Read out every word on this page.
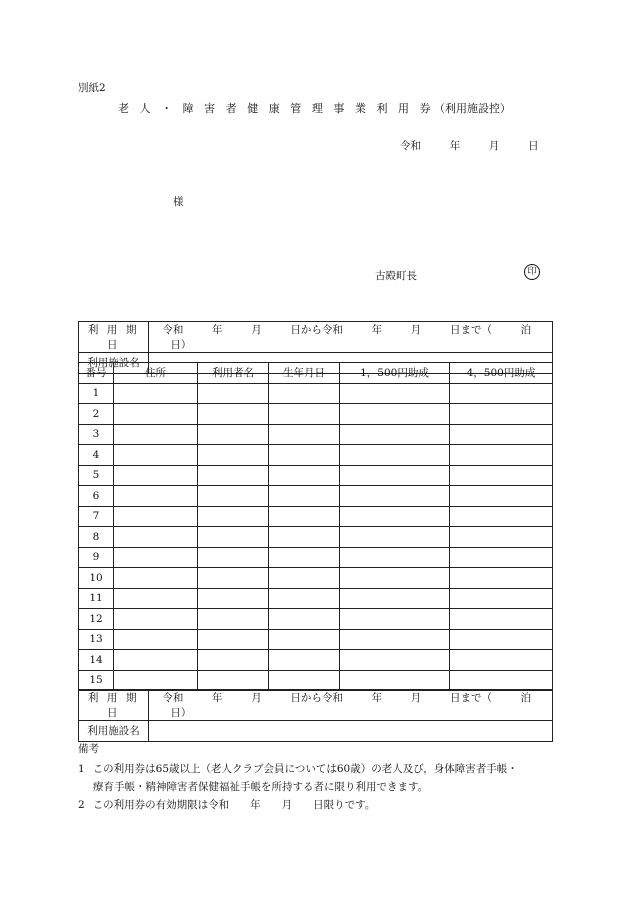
別紙2
老 人 ・ 障 害 者 健 康 管 理 事 業 利 用 券（利用施設控）
令和	年	月	日
様
古殿町長	印
利 用 期 日	令和 年 月 日から令和 年 月 日まで（ 泊  日）
利用施設名	
番号	住所	利用者名	生年月日	1，500円助成	4，500円助成
1					
2					
3					
4					
5					
6					
7					
8					
9					
10					
11					
12					
13					
14					
15					
利 用 期 日	令和 年 月 日から令和 年 月 日まで（ 泊  日）
利用施設名	
備考
1 この利用券は65歳以上（老人クラブ会員については60歳）の老人及び，身体障害者手帳・
療育手帳・精神障害者保健福祉手帳を所持する者に限り利用できます。
2 この利用券の有効期限は令和　　年　　月　　日限りです。
